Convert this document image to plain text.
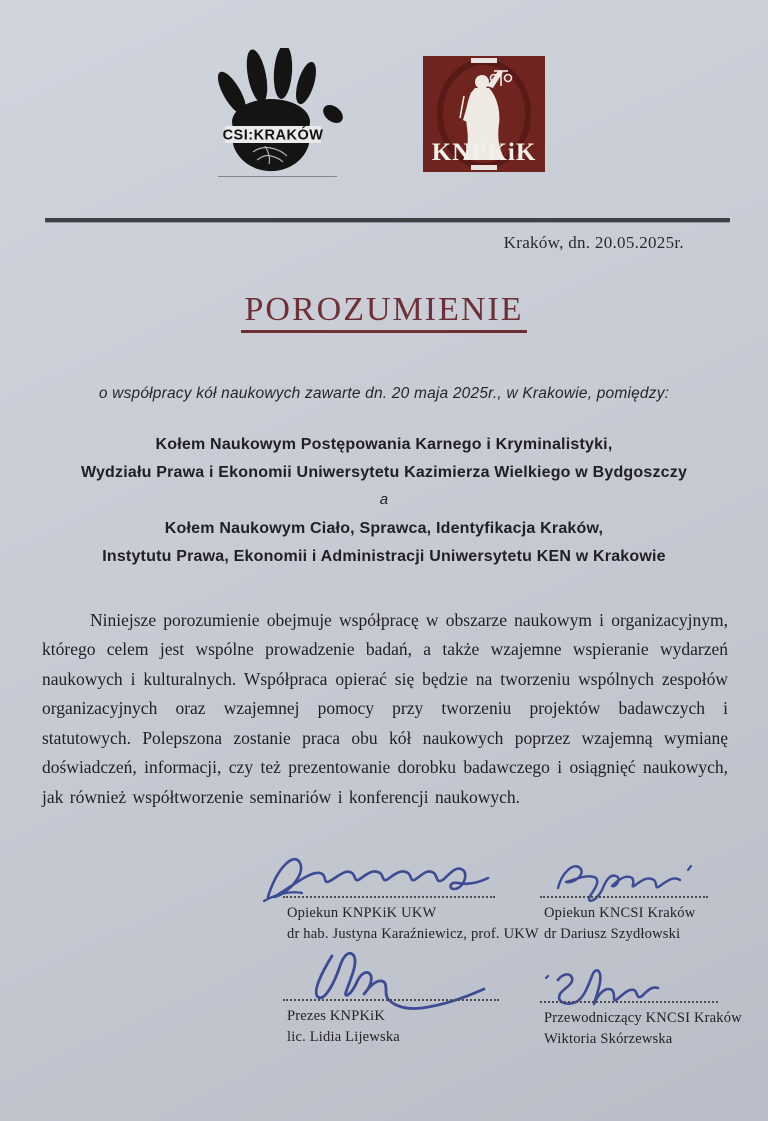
CSI:KRAKÓW
KNPKiK
Kraków, dn. 20.05.2025r.
POROZUMIENIE
o współpracy kół naukowych zawarte dn. 20 maja 2025r., w Krakowie, pomiędzy:
Kołem Naukowym Postępowania Karnego i Kryminalistyki,
Wydziału Prawa i Ekonomii Uniwersytetu Kazimierza Wielkiego w Bydgoszczy
a
Kołem Naukowym Ciało, Sprawca, Identyfikacja Kraków,
Instytutu Prawa, Ekonomii i Administracji Uniwersytetu KEN w Krakowie

Niniejsze porozumienie obejmuje współpracę w obszarze naukowym i organizacyjnym, którego celem jest wspólne prowadzenie badań, a także wzajemne wspieranie wydarzeń naukowych i kulturalnych. Współpraca opierać się będzie na tworzeniu wspólnych zespołów organizacyjnych oraz wzajemnej pomocy przy tworzeniu projektów badawczych i statutowych. Polepszona zostanie praca obu kół naukowych poprzez wzajemną wymianę doświadczeń, informacji, czy też prezentowanie dorobku badawczego i osiągnięć naukowych, jak również współtworzenie seminariów i konferencji naukowych.

Opiekun KNPKiK UKW
dr hab. Justyna Karaźniewicz, prof. UKW
Opiekun KNCSI Kraków
dr Dariusz Szydłowski
Prezes KNPKiK
lic. Lidia Lijewska
Przewodniczący KNCSI Kraków
Wiktoria Skórzewska
